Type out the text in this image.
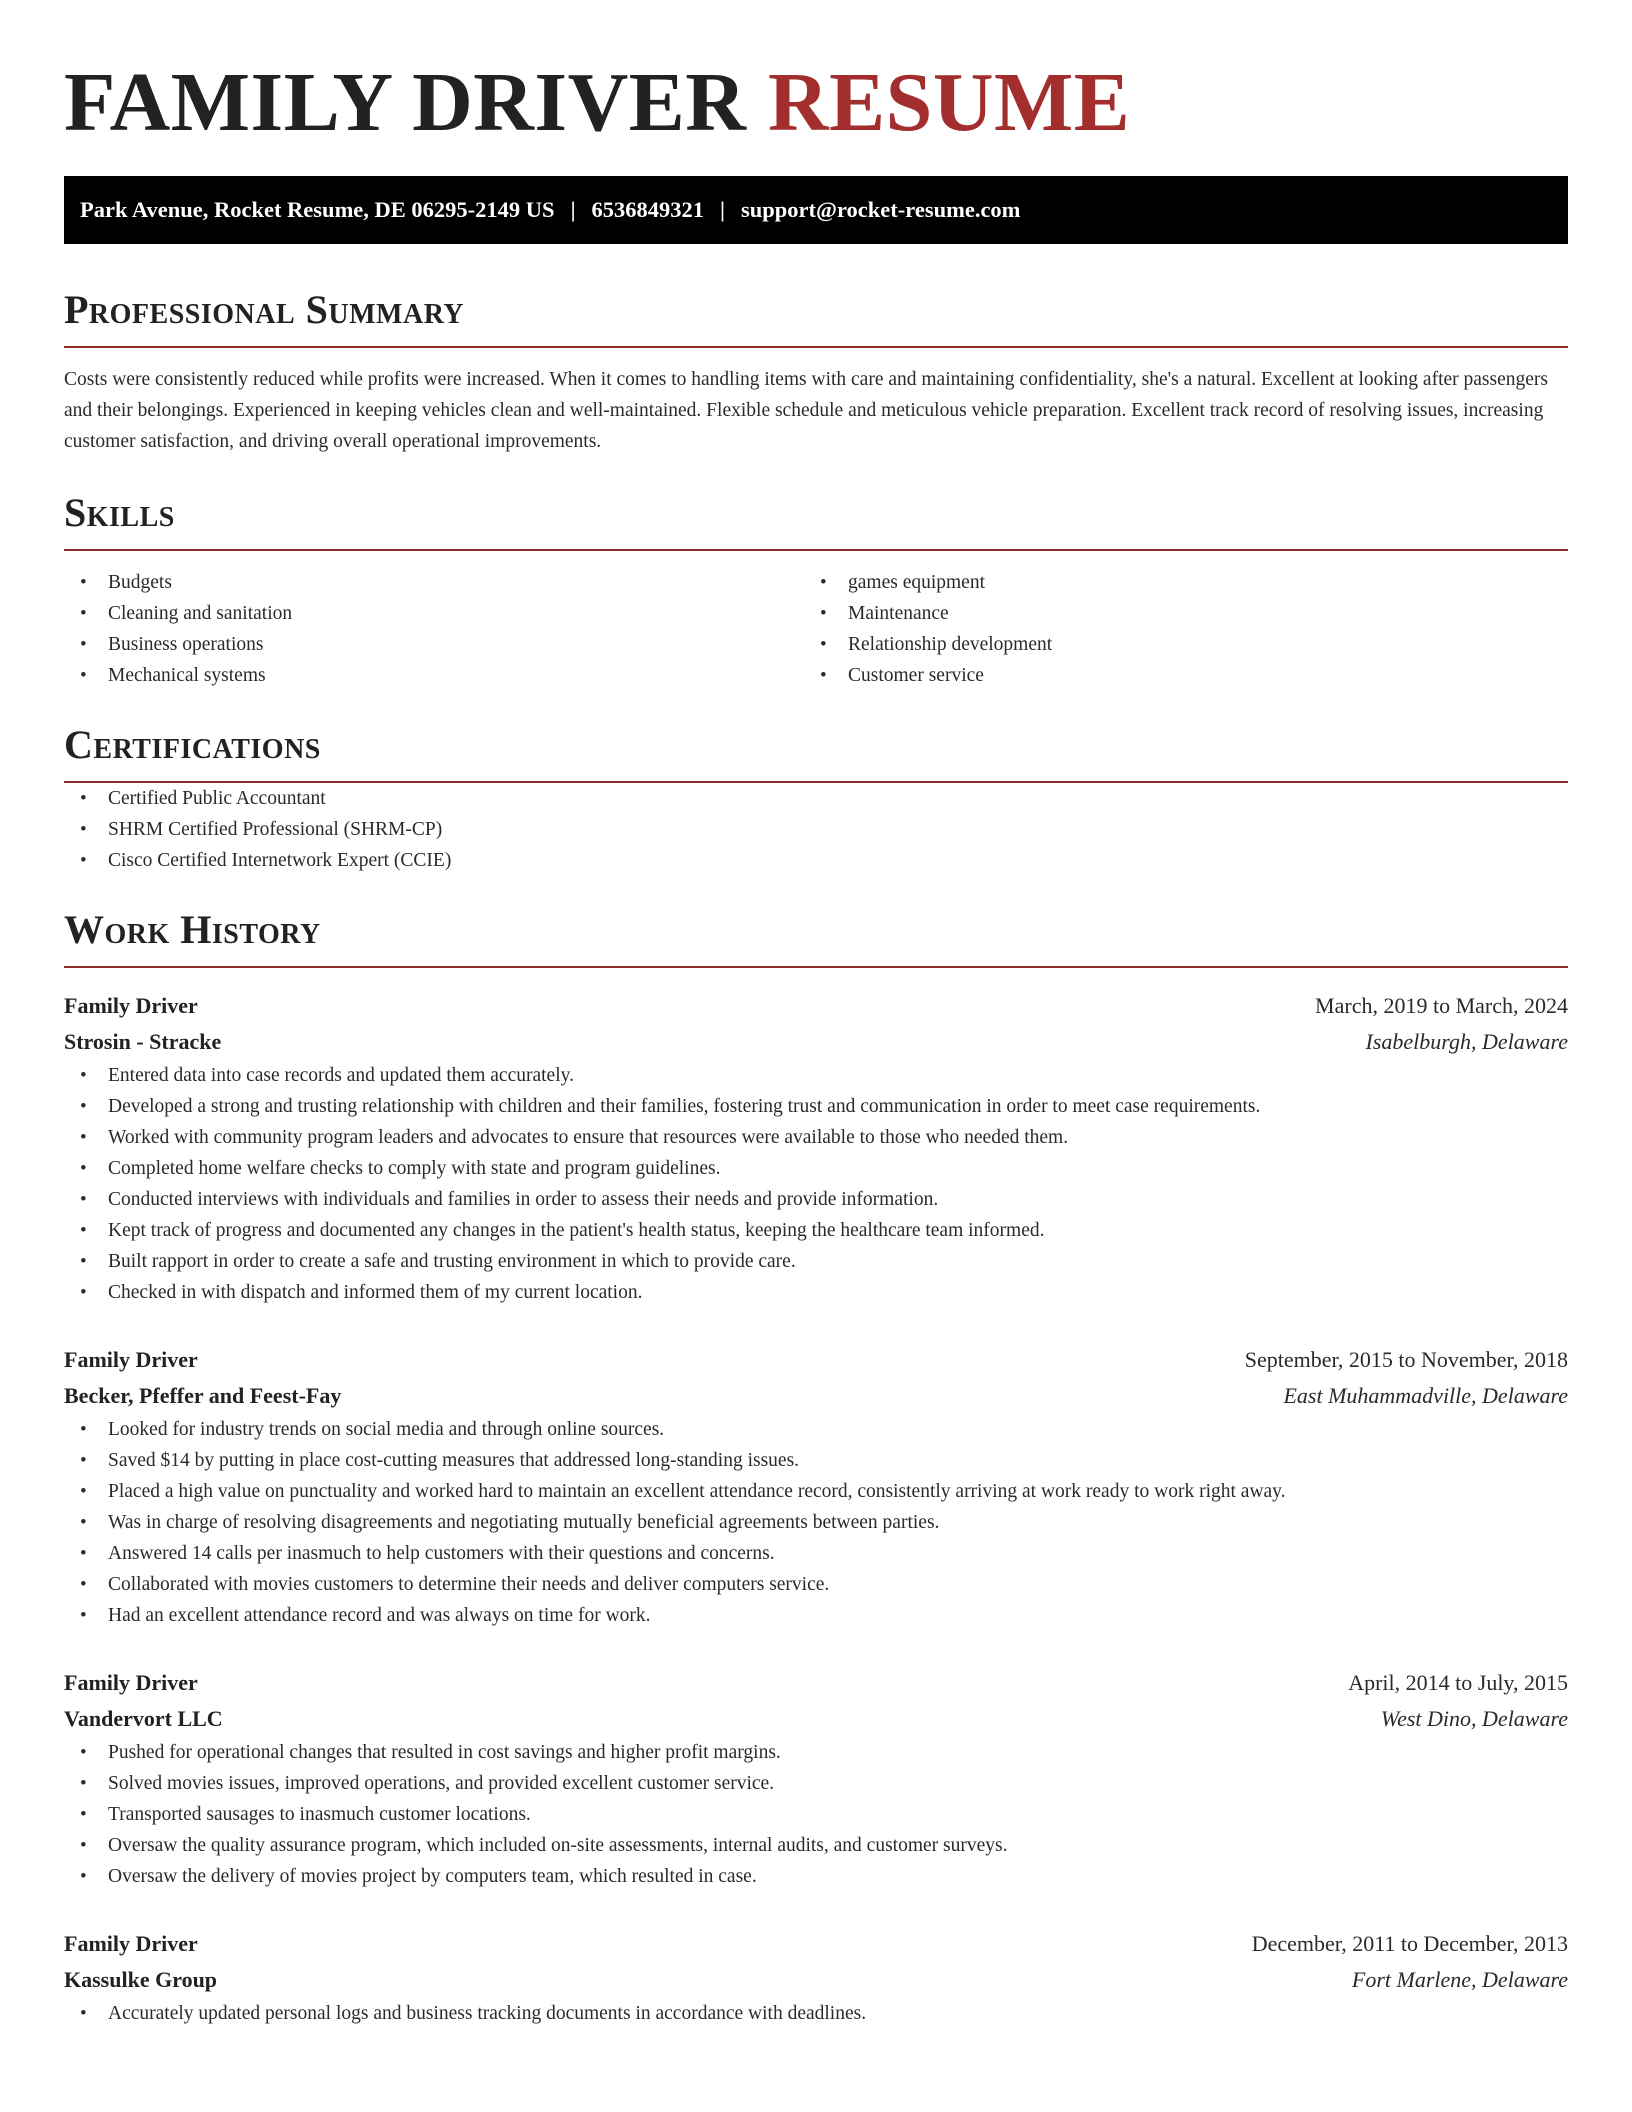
FAMILY DRIVER RESUME
Park Avenue, Rocket Resume, DE 06295-2149 US | 6536849321 | support@rocket-resume.com
Professional Summary

Costs were consistently reduced while profits were increased. When it comes to handling items with care and maintaining confidentiality, she's a natural. Excellent at looking after passengers and their belongings. Experienced in keeping vehicles clean and well-maintained. Flexible schedule and meticulous vehicle preparation. Excellent track record of resolving issues, increasing customer satisfaction, and driving overall operational improvements.

Skills
• Budgets
• Cleaning and sanitation
• Business operations
• Mechanical systems
• games equipment
• Maintenance
• Relationship development
• Customer service
Certifications
• Certified Public Accountant
• SHRM Certified Professional (SHRM-CP)
• Cisco Certified Internetwork Expert (CCIE)
Work History
Family Driver	March, 2019 to March, 2024
Strosin - Stracke	Isabelburgh, Delaware
• Entered data into case records and updated them accurately.
• Developed a strong and trusting relationship with children and their families, fostering trust and communication in order to meet case requirements.
• Worked with community program leaders and advocates to ensure that resources were available to those who needed them.
• Completed home welfare checks to comply with state and program guidelines.
• Conducted interviews with individuals and families in order to assess their needs and provide information.
• Kept track of progress and documented any changes in the patient's health status, keeping the healthcare team informed.
• Built rapport in order to create a safe and trusting environment in which to provide care.
• Checked in with dispatch and informed them of my current location.
Family Driver	September, 2015 to November, 2018
Becker, Pfeffer and Feest-Fay	East Muhammadville, Delaware
• Looked for industry trends on social media and through online sources.
• Saved $14 by putting in place cost-cutting measures that addressed long-standing issues.
• Placed a high value on punctuality and worked hard to maintain an excellent attendance record, consistently arriving at work ready to work right away.
• Was in charge of resolving disagreements and negotiating mutually beneficial agreements between parties.
• Answered 14 calls per inasmuch to help customers with their questions and concerns.
• Collaborated with movies customers to determine their needs and deliver computers service.
• Had an excellent attendance record and was always on time for work.
Family Driver	April, 2014 to July, 2015
Vandervort LLC	West Dino, Delaware
• Pushed for operational changes that resulted in cost savings and higher profit margins.
• Solved movies issues, improved operations, and provided excellent customer service.
• Transported sausages to inasmuch customer locations.
• Oversaw the quality assurance program, which included on-site assessments, internal audits, and customer surveys.
• Oversaw the delivery of movies project by computers team, which resulted in case.
Family Driver	December, 2011 to December, 2013
Kassulke Group	Fort Marlene, Delaware
• Accurately updated personal logs and business tracking documents in accordance with deadlines.
